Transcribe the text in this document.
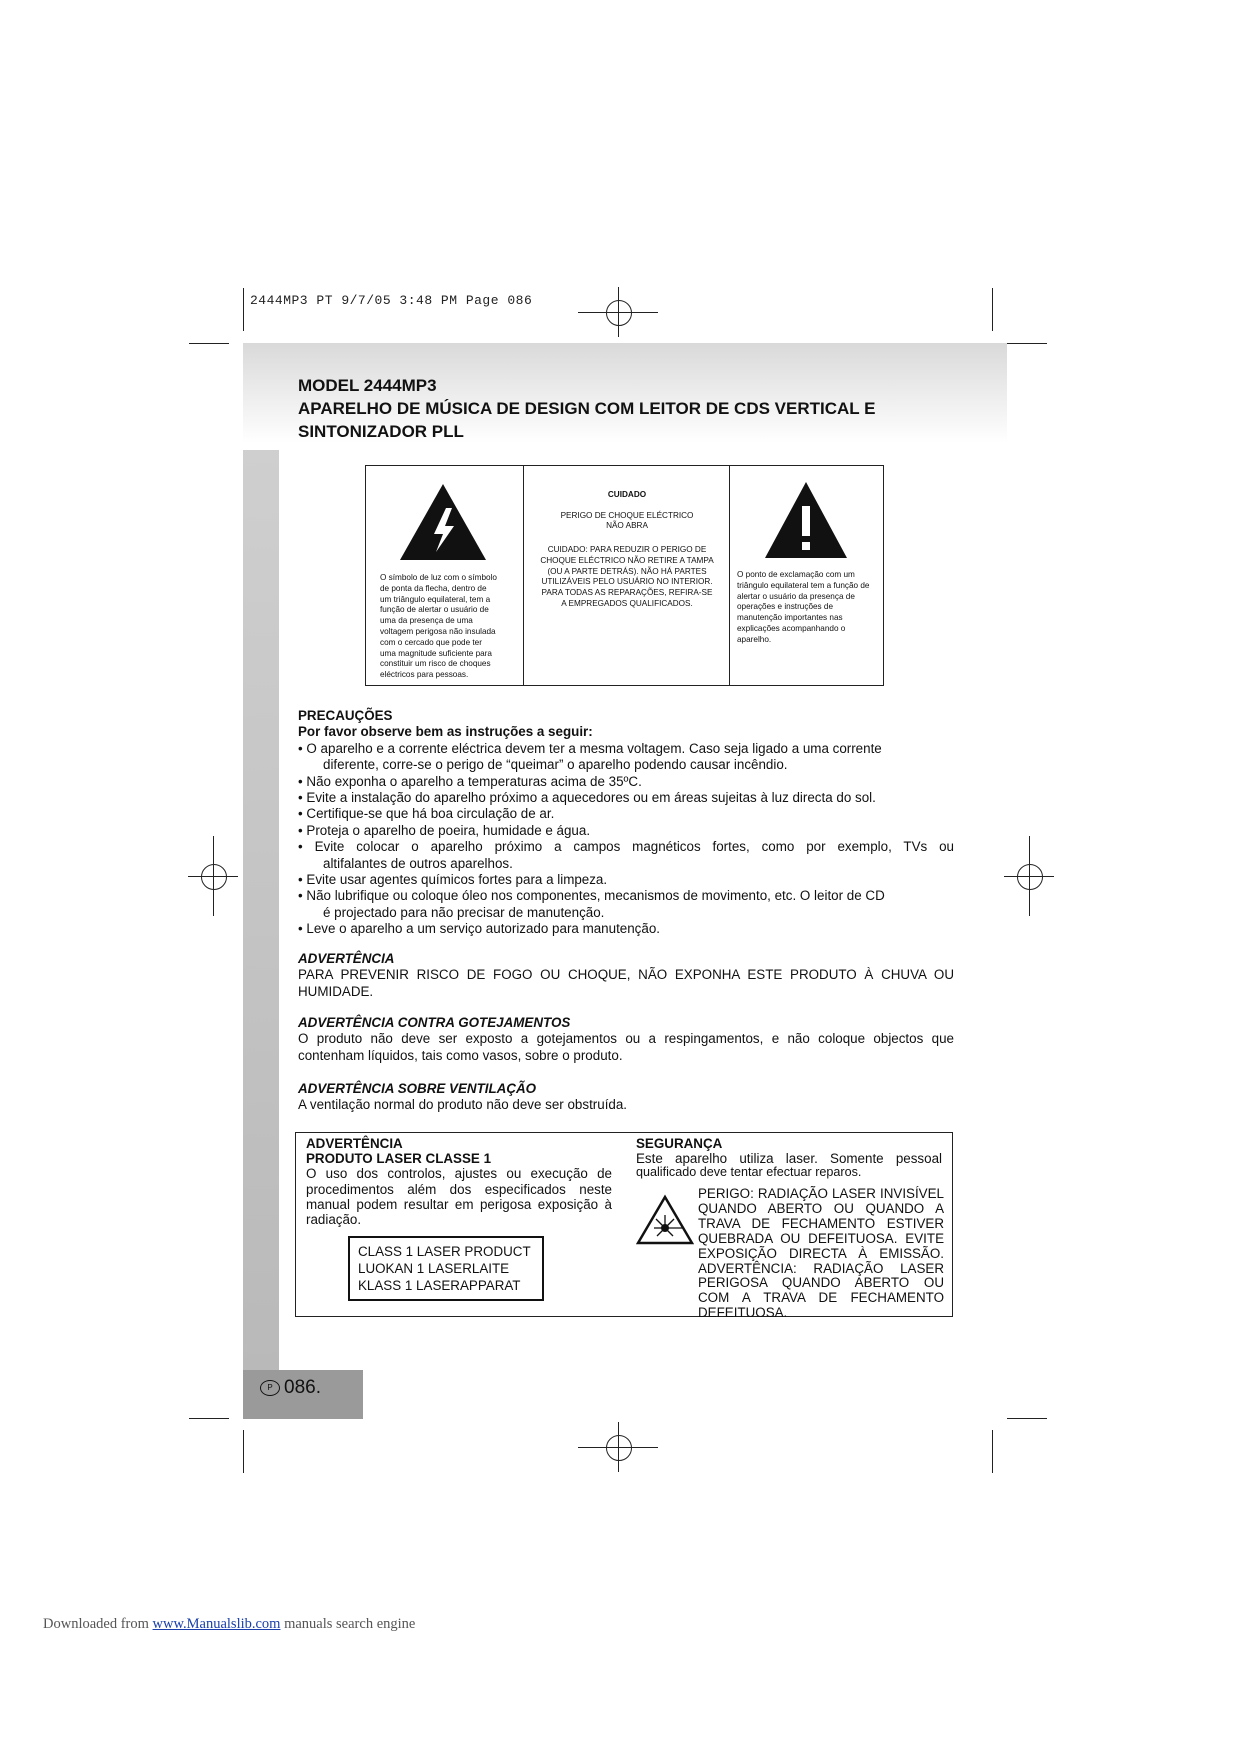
2444MP3 PT 9/7/05 3:48 PM Page 086
MODEL 2444MP3
APARELHO DE MÚSICA DE DESIGN COM LEITOR DE CDS VERTICAL E
SINTONIZADOR PLL
O símbolo de luz com o símbolo de ponta da flecha, dentro de um triângulo equilateral, tem a função de alertar o usuário de uma da presença de uma voltagem perigosa não insulada com o cercado que pode ter uma magnitude suficiente para constituir um risco de choques eléctricos para pessoas.
CUIDADO
PERIGO DE CHOQUE ELÉCTRICO
NÃO ABRA
CUIDADO: PARA REDUZIR O PERIGO DE CHOQUE ELÉCTRICO NÃO RETIRE A TAMPA (OU A PARTE DETRÁS). NÃO HÁ PARTES UTILIZÁVEIS PELO USUÁRIO NO INTERIOR. PARA TODAS AS REPARAÇÕES, REFIRA-SE A EMPREGADOS QUALIFICADOS.
O ponto de exclamação com um triângulo equilateral tem a função de alertar o usuário da presença de operações e instruções de manutenção importantes nas explicações acompanhando o aparelho.
PRECAUÇÕES
Por favor observe bem as instruções a seguir:
• O aparelho e a corrente eléctrica devem ter a mesma voltagem. Caso seja ligado a uma corrente
diferente, corre-se o perigo de “queimar” o aparelho podendo causar incêndio.
• Não exponha o aparelho a temperaturas acima de 35ºC.
• Evite a instalação do aparelho próximo a aquecedores ou em áreas sujeitas à luz directa do sol.
• Certifique-se que há boa circulação de ar.
• Proteja o aparelho de poeira, humidade e água.
• Evite colocar o aparelho próximo a campos magnéticos fortes, como por exemplo, TVs ou
altifalantes de outros aparelhos.
• Evite usar agentes químicos fortes para a limpeza.
• Não lubrifique ou coloque óleo nos componentes, mecanismos de movimento, etc. O leitor de CD
é projectado para não precisar de manutenção.
• Leve o aparelho a um serviço autorizado para manutenção.
ADVERTÊNCIA
PARA PREVENIR RISCO DE FOGO OU CHOQUE, NÃO EXPONHA ESTE PRODUTO À CHUVA OU HUMIDADE.
ADVERTÊNCIA CONTRA GOTEJAMENTOS
O produto não deve ser exposto a gotejamentos ou a respingamentos, e não coloque objectos que contenham líquidos, tais como vasos, sobre o produto.
ADVERTÊNCIA SOBRE VENTILAÇÃO
A ventilação normal do produto não deve ser obstruída.
ADVERTÊNCIA
PRODUTO LASER CLASSE 1
O uso dos controlos, ajustes ou execução de procedimentos além dos especificados neste manual podem resultar em perigosa exposição à radiação.
CLASS 1 LASER PRODUCT
LUOKAN 1 LASERLAITE
KLASS 1 LASERAPPARAT
SEGURANÇA
Este aparelho utiliza laser. Somente pessoal
qualificado deve tentar efectuar reparos.
PERIGO: RADIAÇÃO LASER INVISÍVEL QUANDO ABERTO OU QUANDO A TRAVA DE FECHAMENTO ESTIVER QUEBRADA OU DEFEITUOSA. EVITE EXPOSIÇÃO DIRECTA À EMISSÃO. ADVERTÊNCIA: RADIAÇÃO LASER PERIGOSA QUANDO ABERTO OU COM A TRAVA DE FECHAMENTO DEFEITUOSA.
P 086.
Downloaded from www.Manualslib.com manuals search engine
